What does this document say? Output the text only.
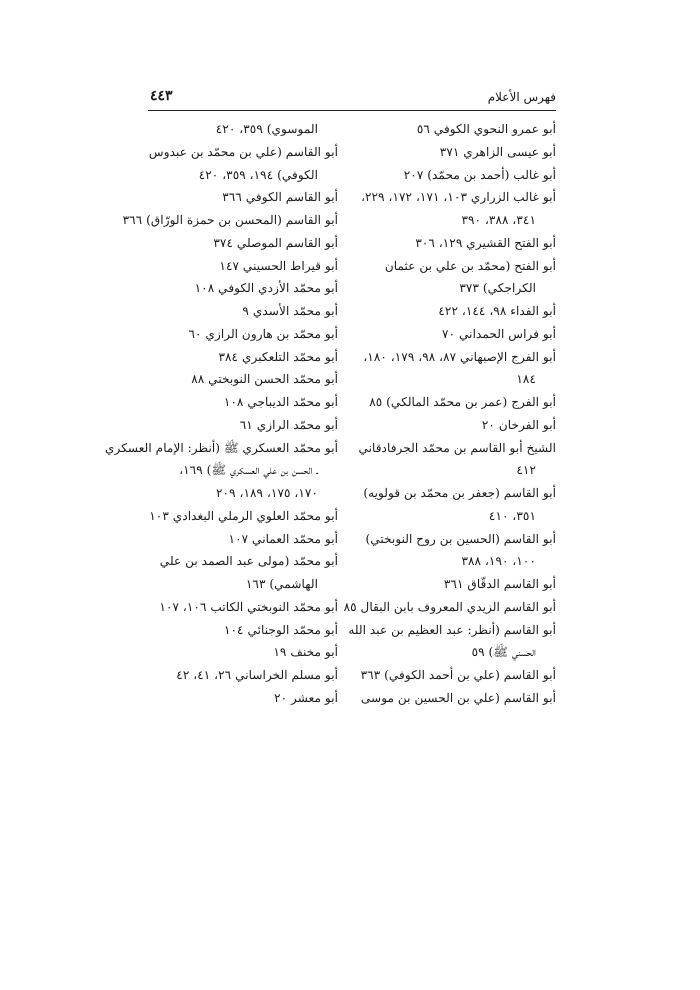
فهرس الأعلام
٤٤٣
أبو عمرو النحوي الكوفي ٥٦
أبو عيسى الزاهري ٣٧١
أبو غالب (أحمد بن محمّد) ٢٠٧
أبو غالب الزراري ١٠٣، ١٧١، ١٧٢، ٢٢٩،
٣٤١، ٣٨٨، ٣٩٠
أبو الفتح القشيري ١٢٩، ٣٠٦
أبو الفتح (محمّد بن علي بن عثمان
الكراجكي) ٣٧٣
أبو الفداء ٩٨، ١٤٤، ٤٢٢
أبو فراس الحمداني ٧٠
أبو الفرج الإصبهاني ٨٧، ٩٨، ١٧٩، ١٨٠،
١٨٤
أبو الفرج (عمر بن محمّد المالكي) ٨٥
أبو الفرخان ٢٠
الشيخ أبو القاسم بن محمّد الجرفادقاني
٤١٢
أبو القاسم (جعفر بن محمّد بن قولويه)
٣٥١، ٤١٠
أبو القاسم (الحسين بن روح النوبختي)
١٠٠، ١٩٠، ٣٨٨
أبو القاسم الدقّاق ٣٦١
أبو القاسم الزيدي المعروف بابن البقال ٨٥
أبو القاسم (أنظر: عبد العظيم بن عبد الله
الحسني ﷺ) ٥٩
أبو القاسم (علي بن أحمد الكوفي) ٣٦٣
أبو القاسم (علي بن الحسين بن موسى
الموسوي) ٣٥٩، ٤٢٠
أبو القاسم (علي بن محمّد بن عبدوس
الكوفي) ١٩٤، ٣٥٩، ٤٢٠
أبو القاسم الكوفي ٣٦٦
أبو القاسم (المحسن بن حمزة الورّاق) ٣٦٦
أبو القاسم الموصلي ٣٧٤
أبو قيراط الحسيني ١٤٧
أبو محمّد الأزدي الكوفي ١٠٨
أبو محمّد الأسدي ٩
أبو محمّد بن هارون الرازي ٦٠
أبو محمّد التلعكبري ٣٨٤
أبو محمّد الحسن النوبختي ٨٨
أبو محمّد الديباجي ١٠٨
أبو محمّد الرازي ٦١
أبو محمّد العسكري ﷺ (أنظر: الإمام العسكري
ـ الحسن بن علي العسكري ﷺ) ١٦٩،
١٧٠، ١٧٥، ١٨٩، ٢٠٩
أبو محمّد العلوي الرملي البغدادي ١٠٣
أبو محمّد العماني ١٠٧
أبو محمّد (مولى عبد الصمد بن علي
الهاشمي) ١٦٣
أبو محمّد النوبختي الكاتب ١٠٦، ١٠٧
أبو محمّد الوجنائي ١٠٤
أبو مخنف ١٩
أبو مسلم الخراساني ٢٦، ٤١، ٤٢
أبو معشر ٢٠
